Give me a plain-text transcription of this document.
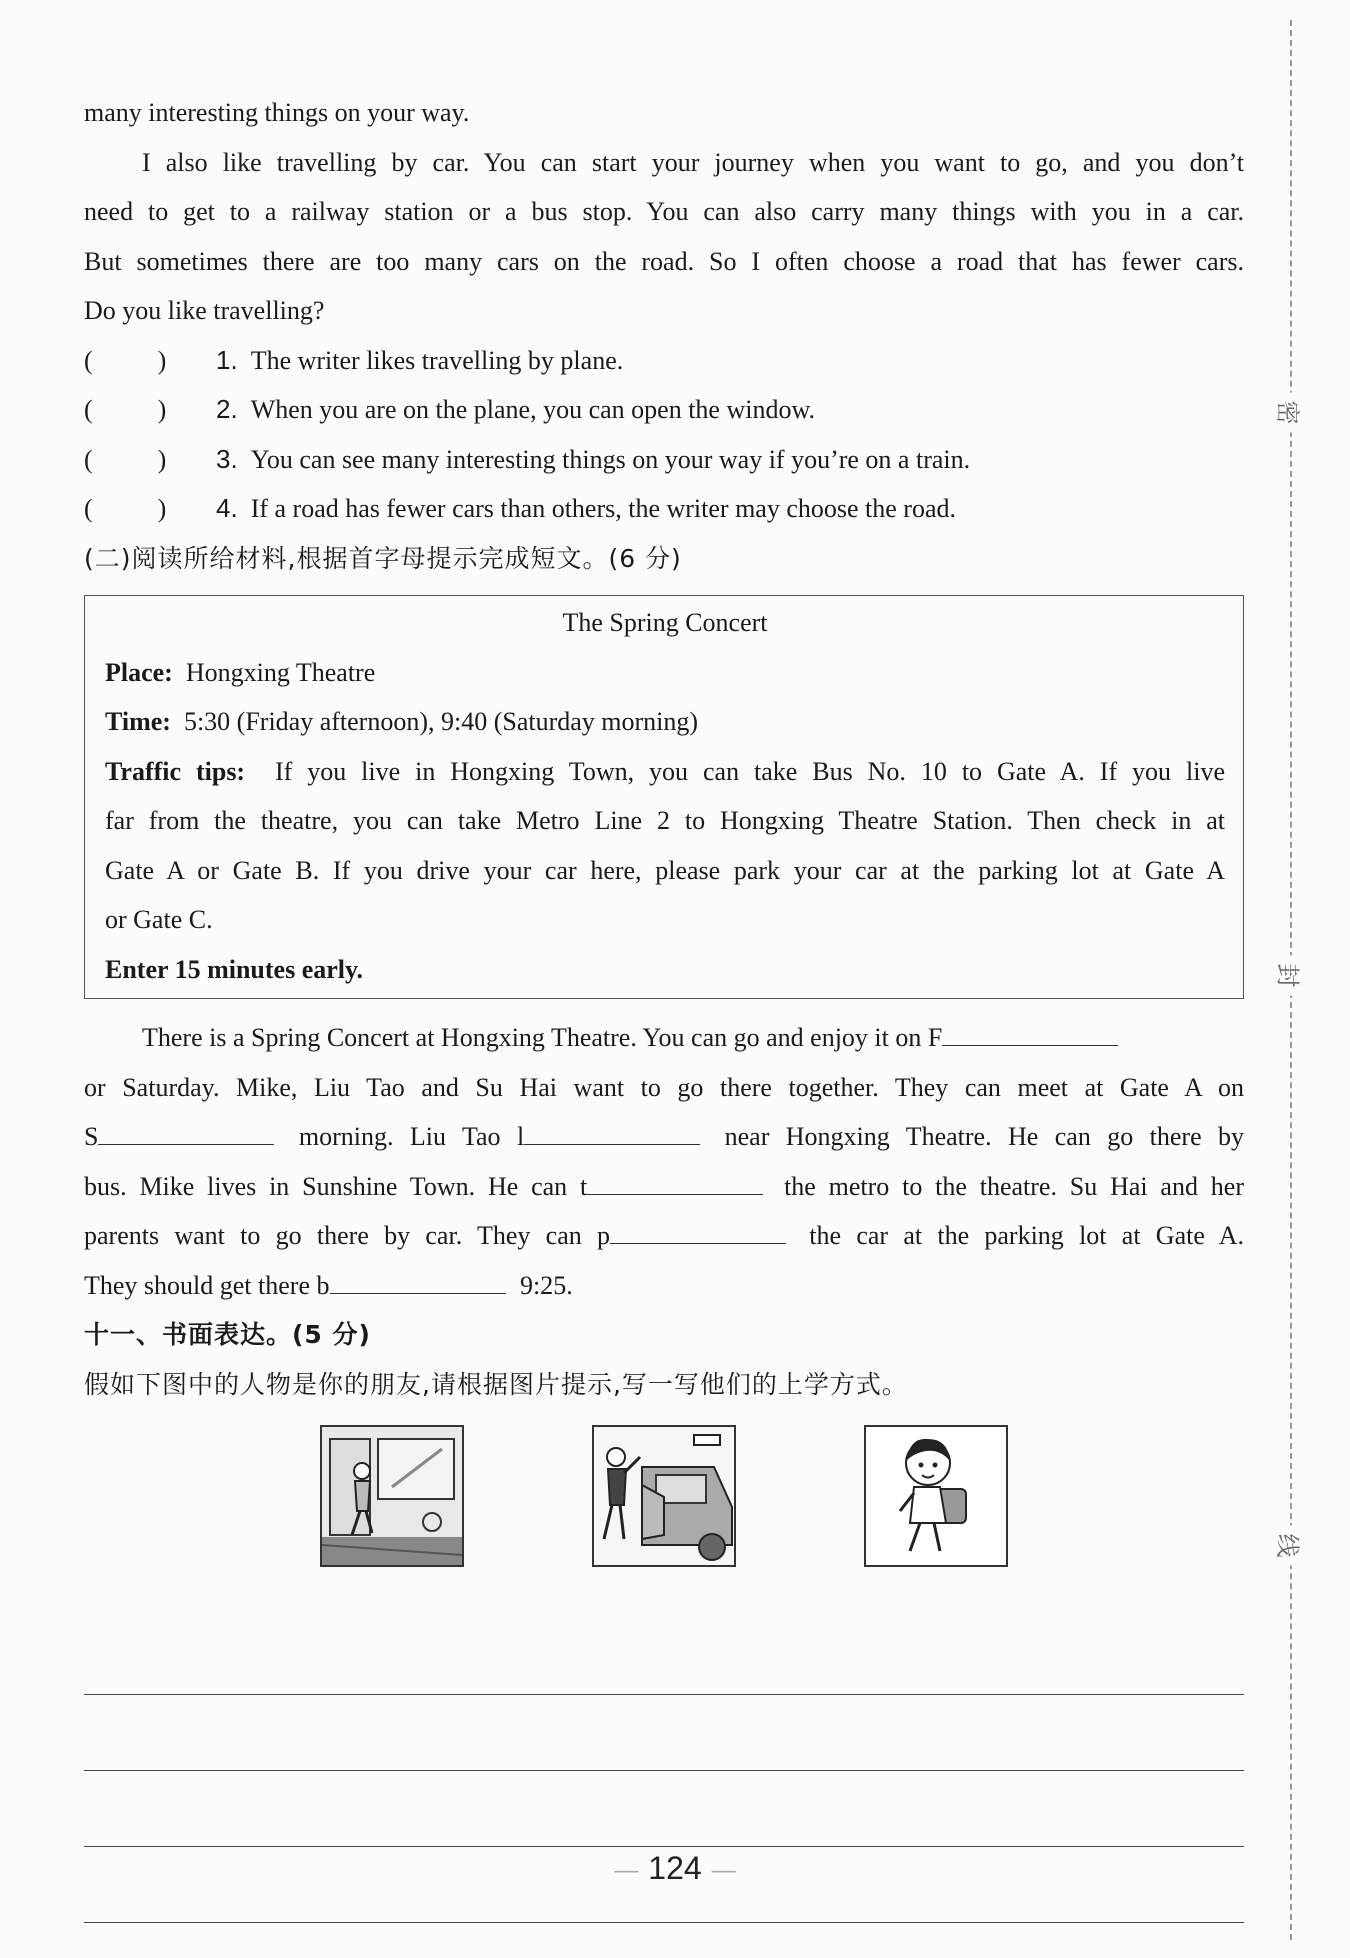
密
封
线

many interesting things on your way.

I also like travelling by car. You can start your journey when you want to go, and you don’t

need to get to a railway station or a bus stop. You can also carry many things with you in a car.

But sometimes there are too many cars on the road. So I often choose a road that has fewer cars.

Do you like travelling?

(          )	1.
The writer likes travelling by plane.
(          )	2.
When you are on the plane, you can open the window.
(          )	3.
You can see many interesting things on your way if you’re on a train.
(          )	4.
If a road has fewer cars than others, the writer may choose the road.

(二)阅读所给材料,根据首字母提示完成短文。(6 分)

The Spring Concert

Place: Hongxing Theatre

Time: 5:30 (Friday afternoon), 9:40 (Saturday morning)

Traffic tips: If you live in Hongxing Town, you can take Bus No. 10 to Gate A. If you live

far from the theatre, you can take Metro Line 2 to Hongxing Theatre Station. Then check in at

Gate A or Gate B. If you drive your car here, please park your car at the parking lot at Gate A

or Gate C.

Enter 15 minutes early.

There is a Spring Concert at Hongxing Theatre. You can go and enjoy it on F

or Saturday. Mike, Liu Tao and Su Hai want to go there together. They can meet at Gate A on

S	morning. Liu Tao l	near Hongxing Theatre. He can go there by

bus. Mike lives in Sunshine Town. He can t	the metro to the theatre. Su Hai and her

parents want to go there by car. They can p	the car at the parking lot at Gate A.

They should get there b	9:25.

十一、书面表达。(5 分)

假如下图中的人物是你的朋友,请根据图片提示,写一写他们的上学方式。

— 124 —
